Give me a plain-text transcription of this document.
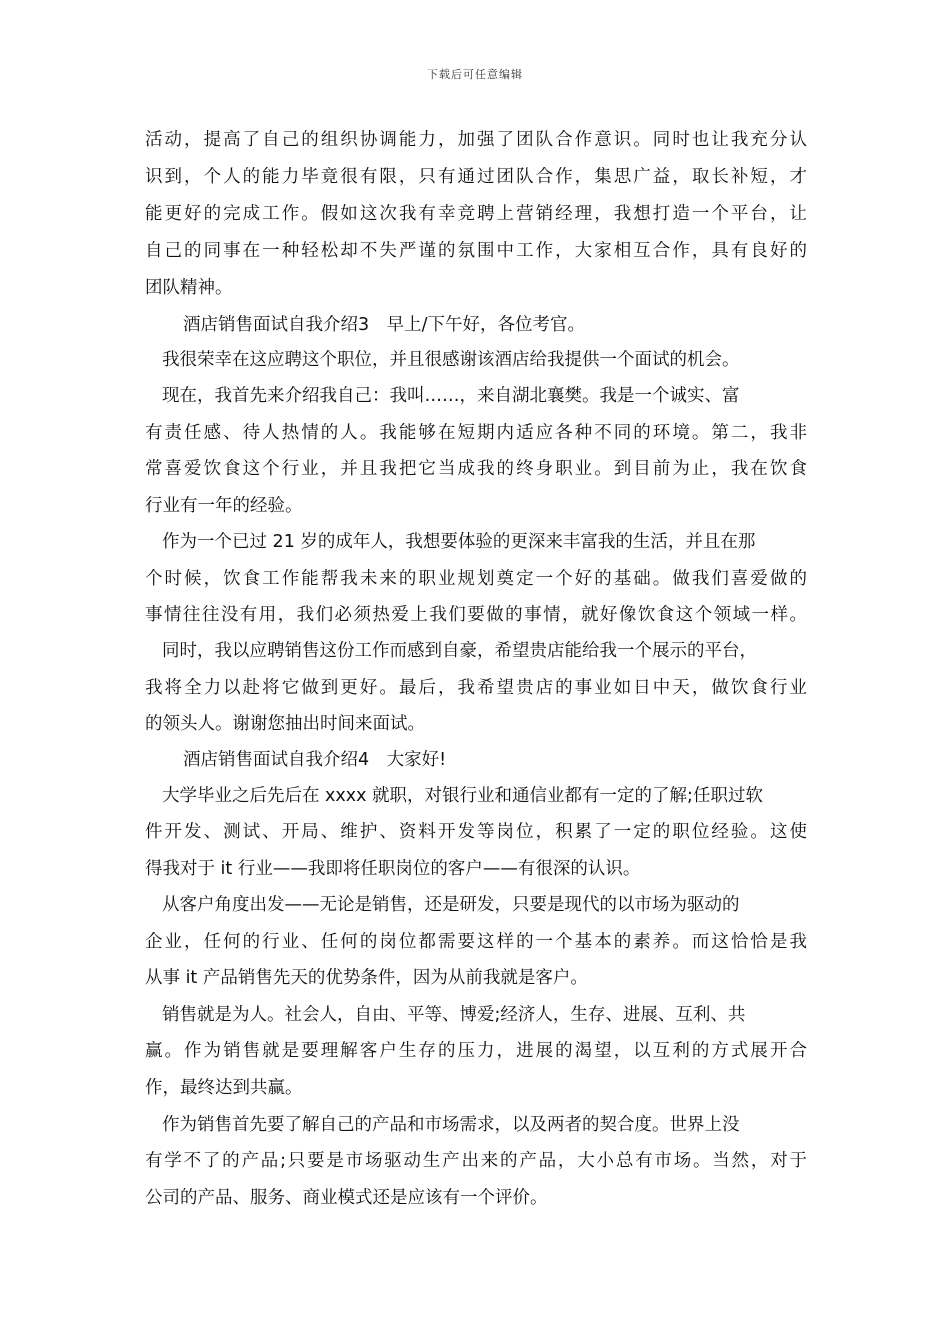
下载后可任意编辑
活动，提高了自己的组织协调能力，加强了团队合作意识。同时也让我充分认
识到，个人的能力毕竟很有限，只有通过团队合作，集思广益，取长补短，才
能更好的完成工作。假如这次我有幸竞聘上营销经理，我想打造一个平台，让
自己的同事在一种轻松却不失严谨的氛围中工作，大家相互合作，具有良好的
团队精神。
酒店销售面试自我介绍3　早上/下午好，各位考官。
我很荣幸在这应聘这个职位，并且很感谢该酒店给我提供一个面试的机会。
现在，我首先来介绍我自己：我叫……，来自湖北襄樊。我是一个诚实、富
有责任感、待人热情的人。我能够在短期内适应各种不同的环境。第二，我非
常喜爱饮食这个行业，并且我把它当成我的终身职业。到目前为止，我在饮食
行业有一年的经验。
作为一个已过 21 岁的成年人，我想要体验的更深来丰富我的生活，并且在那
个时候，饮食工作能帮我未来的职业规划奠定一个好的基础。做我们喜爱做的
事情往往没有用，我们必须热爱上我们要做的事情，就好像饮食这个领域一样。
同时，我以应聘销售这份工作而感到自豪，希望贵店能给我一个展示的平台，
我将全力以赴将它做到更好。最后，我希望贵店的事业如日中天，做饮食行业
的领头人。谢谢您抽出时间来面试。
酒店销售面试自我介绍4　大家好!
大学毕业之后先后在 xxxx 就职，对银行业和通信业都有一定的了解;任职过软
件开发、测试、开局、维护、资料开发等岗位，积累了一定的职位经验。这使
得我对于 it 行业——我即将任职岗位的客户——有很深的认识。
从客户角度出发——无论是销售，还是研发，只要是现代的以市场为驱动的
企业，任何的行业、任何的岗位都需要这样的一个基本的素养。而这恰恰是我
从事 it 产品销售先天的优势条件，因为从前我就是客户。
销售就是为人。社会人，自由、平等、博爱;经济人，生存、进展、互利、共
赢。作为销售就是要理解客户生存的压力，进展的渴望，以互利的方式展开合
作，最终达到共赢。
作为销售首先要了解自己的产品和市场需求，以及两者的契合度。世界上没
有学不了的产品;只要是市场驱动生产出来的产品，大小总有市场。当然，对于
公司的产品、服务、商业模式还是应该有一个评价。
